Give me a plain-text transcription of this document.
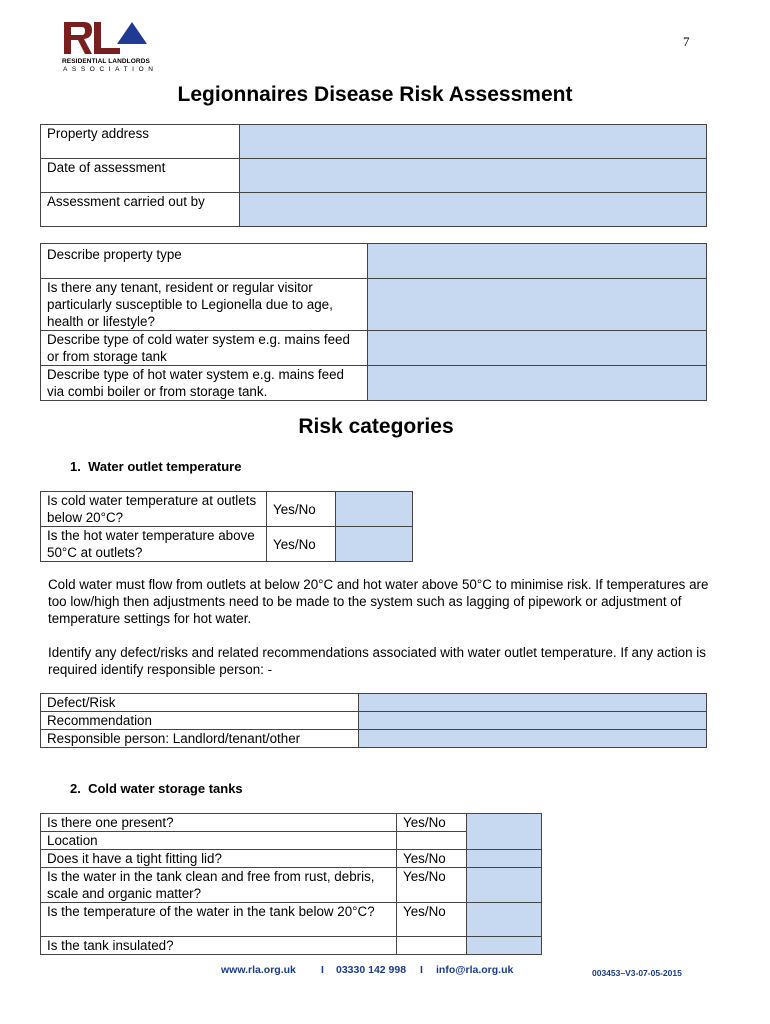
RESIDENTIAL LANDLORDS
ASSOCIATION
7
Legionnaires Disease Risk Assessment
Property address	
Date of assessment	
Assessment carried out by	
Describe property type	
Is there any tenant, resident or regular visitor particularly susceptible to Legionella due to age, health or lifestyle?	
Describe type of cold water system e.g. mains feed or from storage tank	
Describe type of hot water system e.g. mains feed via combi boiler or from storage tank.	
Risk categories
1.  Water outlet temperature
Is cold water temperature at outlets below 20°C?	Yes/No	
Is the hot water temperature above 50°C at outlets?	Yes/No	
Cold water must flow from outlets at below 20°C and hot water above 50°C to minimise risk. If temperatures are too low/high then adjustments need to be made to the system such as lagging of pipework or adjustment of temperature settings for hot water.
Identify any defect/risks and related recommendations associated with water outlet temperature. If any action is required identify responsible person: -
Defect/Risk	
Recommendation	
Responsible person: Landlord/tenant/other	
2.  Cold water storage tanks
Is there one present?	Yes/No	
Location		
Does it have a tight fitting lid?	Yes/No	
Is the water in the tank clean and free from rust, debris, scale and organic matter?	Yes/No	
Is the temperature of the water in the tank below 20°C?	Yes/No	
Is the tank insulated?		
www.rla.org.uk I 03330 142 998 I info@rla.org.uk	003453–V3-07-05-2015
